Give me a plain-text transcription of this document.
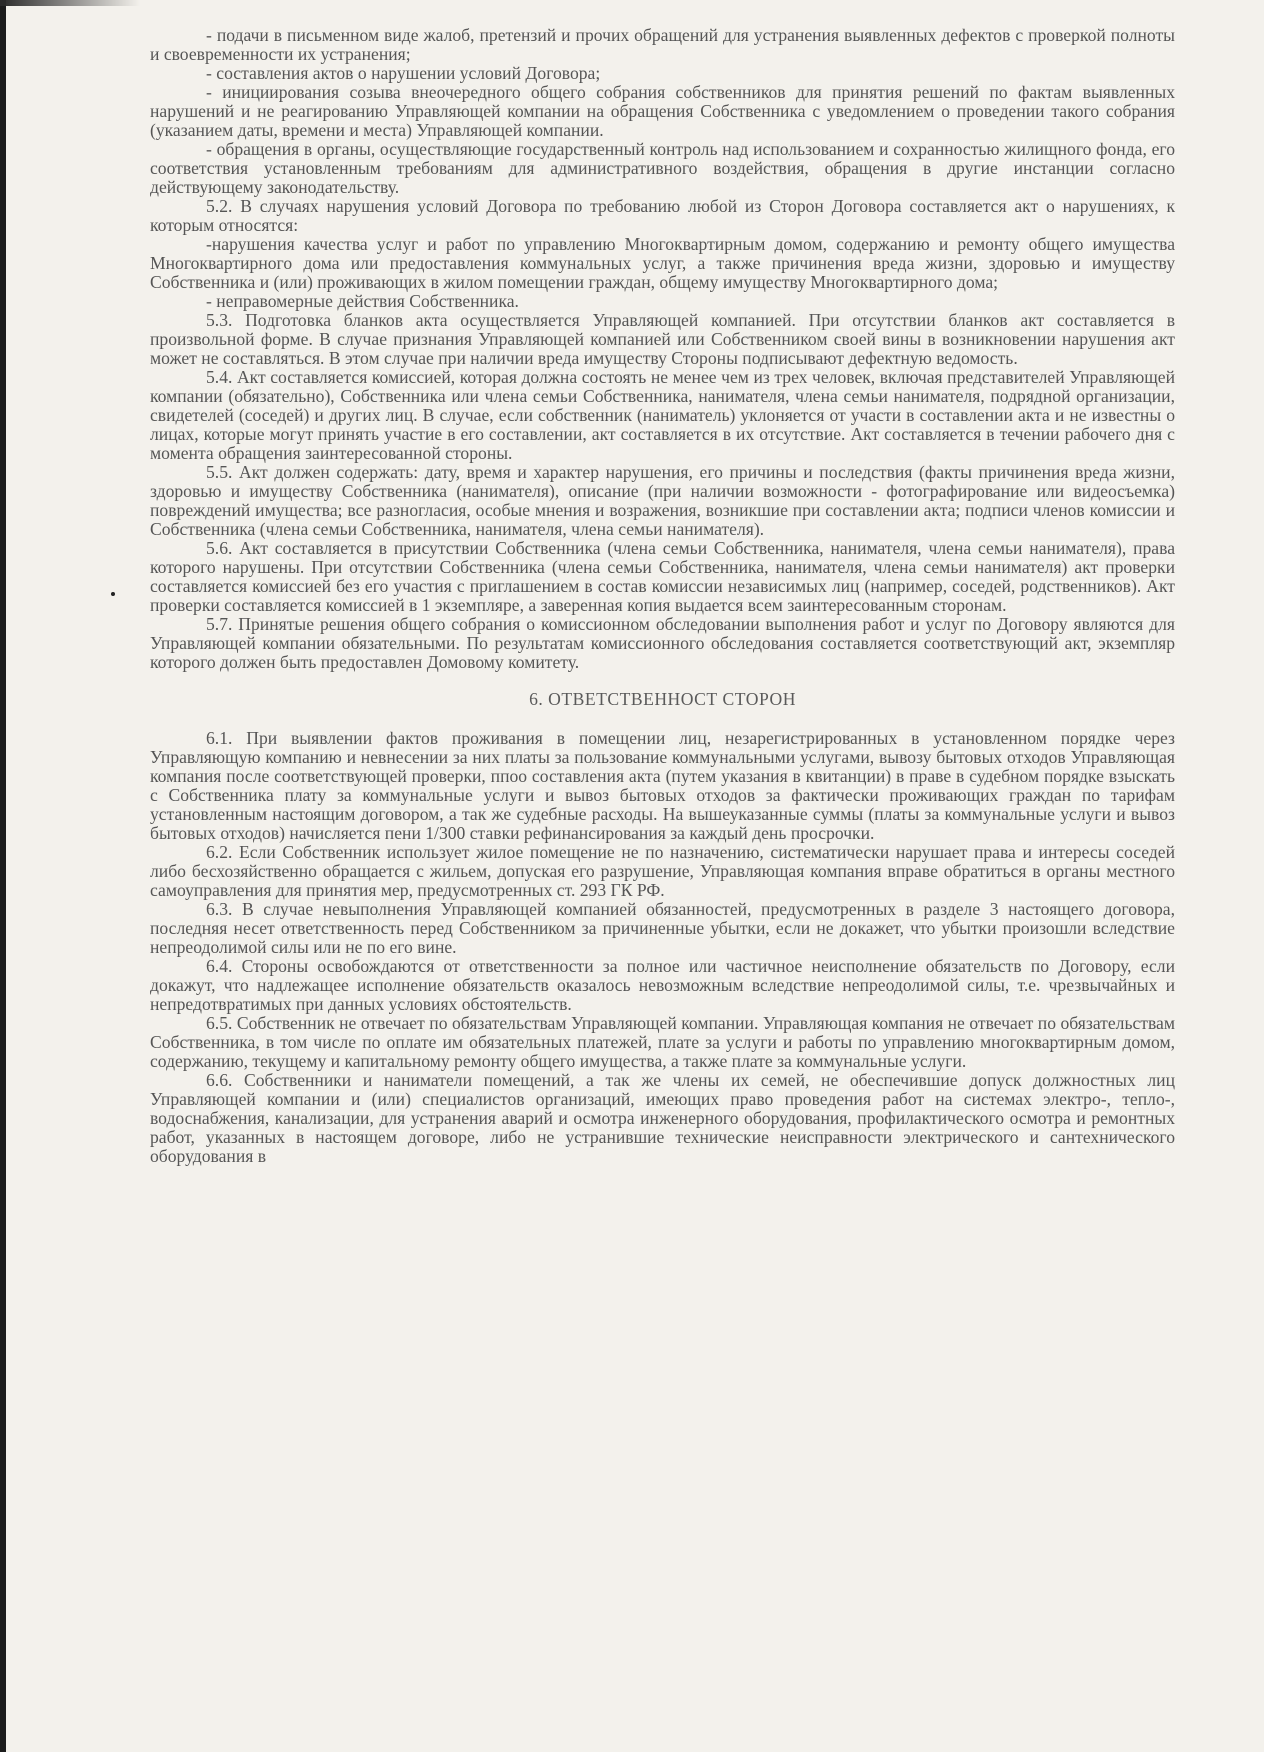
- подачи в письменном виде жалоб, претензий и прочих обращений для устранения выявленных дефектов с проверкой полноты и своевременности их устранения;

- составления актов о нарушении условий Договора;

- инициирования созыва внеочередного общего собрания собственников для принятия решений по фактам выявленных нарушений и не реагированию Управляющей компании на обращения Собственника с уведомлением о проведении такого собрания (указанием даты, времени и места) Управляющей компании.

- обращения в органы, осуществляющие государственный контроль над использованием и сохранностью жилищного фонда, его соответствия установленным требованиям для административного воздействия, обращения в другие инстанции согласно действующему законодательству.

5.2. В случаях нарушения условий Договора по требованию любой из Сторон Договора составляется акт о нарушениях, к которым относятся:

-нарушения качества услуг и работ по управлению Многоквартирным домом, содержанию и ремонту общего имущества Многоквартирного дома или предоставления коммунальных услуг, а также причинения вреда жизни, здоровью и имуществу Собственника и (или) проживающих в жилом помещении граждан, общему имуществу Многоквартирного дома;

- неправомерные действия Собственника.

5.3. Подготовка бланков акта осуществляется Управляющей компанией. При отсутствии бланков акт составляется в произвольной форме. В случае признания Управляющей компанией или Собственником своей вины в возникновении нарушения акт может не составляться. В этом случае при наличии вреда имуществу Стороны подписывают дефектную ведомость.

5.4. Акт составляется комиссией, которая должна состоять не менее чем из трех человек, включая представителей Управляющей компании (обязательно), Собственника или члена семьи Собственника, нанимателя, члена семьи нанимателя, подрядной организации, свидетелей (соседей) и других лиц. В случае, если собственник (наниматель) уклоняется от участи в составлении акта и не известны о лицах, которые могут принять участие в его составлении, акт составляется в их отсутствие. Акт составляется в течении рабочего дня с момента обращения заинтересованной стороны.

5.5. Акт должен содержать: дату, время и характер нарушения, его причины и последствия (факты причинения вреда жизни, здоровью и имуществу Собственника (нанимателя), описание (при наличии возможности - фотографирование или видеосъемка) повреждений имущества; все разногласия, особые мнения и возражения, возникшие при составлении акта; подписи членов комиссии и Собственника (члена семьи Собственника, нанимателя, члена семьи нанимателя).

5.6. Акт составляется в присутствии Собственника (члена семьи Собственника, нанимателя, члена семьи нанимателя), права которого нарушены. При отсутствии Собственника (члена семьи Собственника, нанимателя, члена семьи нанимателя) акт проверки составляется комиссией без его участия с приглашением в состав комиссии независимых лиц (например, соседей, родственников). Акт проверки составляется комиссией в 1 экземпляре, а заверенная копия выдается всем заинтересованным сторонам.

5.7. Принятые решения общего собрания о комиссионном обследовании выполнения работ и услуг по Договору являются для Управляющей компании обязательными. По результатам комиссионного обследования составляется соответствующий акт, экземпляр которого должен быть предоставлен Домовому комитету.

6. ОТВЕТСТВЕННОСТ СТОРОН

6.1. При выявлении фактов проживания в помещении лиц, незарегистрированных в установленном порядке через Управляющую компанию и невнесении за них платы за пользование коммунальными услугами, вывозу бытовых отходов Управляющая компания после соответствующей проверки, ппоо составления акта (путем указания в квитанции) в праве в судебном порядке взыскать с Собственника плату за коммунальные услуги и вывоз бытовых отходов за фактически проживающих граждан по тарифам установленным настоящим договором, а так же судебные расходы. На вышеуказанные суммы (платы за коммунальные услуги и вывоз бытовых отходов) начисляется пени 1/300 ставки рефинансирования за каждый день просрочки.

6.2. Если Собственник использует жилое помещение не по назначению, систематически нарушает права и интересы соседей либо бесхозяйственно обращается с жильем, допуская его разрушение, Управляющая компания вправе обратиться в органы местного самоуправления для принятия мер, предусмотренных ст. 293 ГК РФ.

6.3. В случае невыполнения Управляющей компанией обязанностей, предусмотренных в разделе 3 настоящего договора, последняя несет ответственность перед Собственником за причиненные убытки, если не докажет, что убытки произошли вследствие непреодолимой силы или не по его вине.

6.4. Стороны освобождаются от ответственности за полное или частичное неисполнение обязательств по Договору, если докажут, что надлежащее исполнение обязательств оказалось невозможным вследствие непреодолимой силы, т.е. чрезвычайных и непредотвратимых при данных условиях обстоятельств.

6.5. Собственник не отвечает по обязательствам Управляющей компании. Управляющая компания не отвечает по обязательствам Собственника, в том числе по оплате им обязательных платежей, плате за услуги и работы по управлению многоквартирным домом, содержанию, текущему и капитальному ремонту общего имущества, а также плате за коммунальные услуги.

6.6. Собственники и наниматели помещений, а так же члены их семей, не обеспечившие допуск должностных лиц Управляющей компании и (или) специалистов организаций, имеющих право проведения работ на системах электро-, тепло-, водоснабжения, канализации, для устранения аварий и осмотра инженерного оборудования, профилактического осмотра и ремонтных работ, указанных в настоящем договоре, либо не устранившие технические неисправности электрического и сантехнического оборудования в
